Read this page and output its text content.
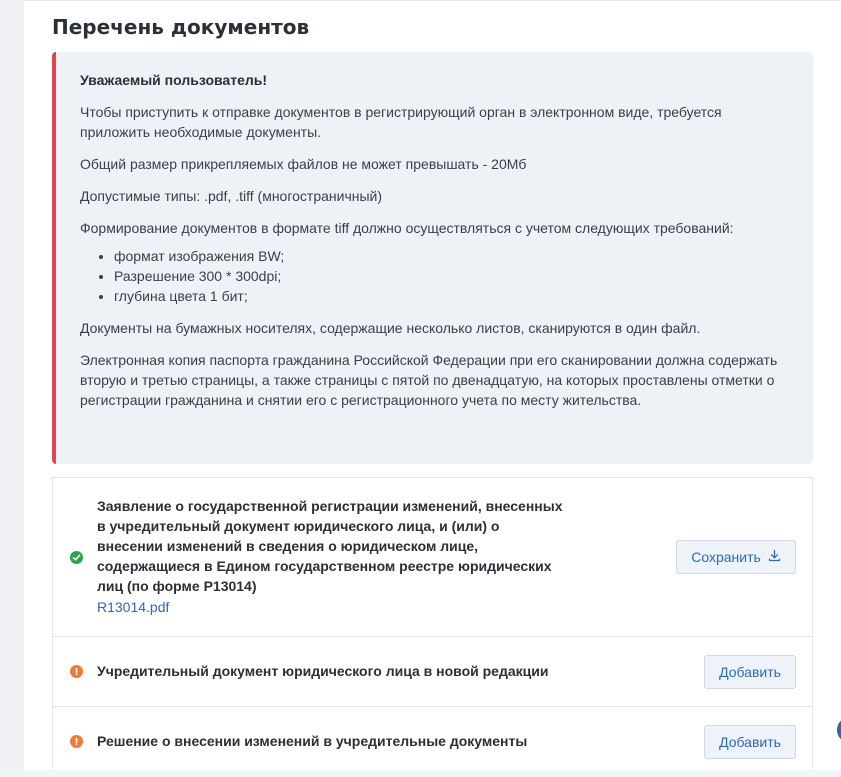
Перечень документов

Уважаемый пользователь!

Чтобы приступить к отправке документов в регистрирующий орган в электронном виде, требуется приложить необходимые документы.

Общий размер прикрепляемых файлов не может превышать - 20Мб

Допустимые типы: .pdf, .tiff (многостраничный)

Формирование документов в формате tiff должно осуществляться с учетом следующих требований:

• формат изображения BW;
• Разрешение 300 * 300dpi;
• глубина цвета 1 бит;

Документы на бумажных носителях, содержащие несколько листов, сканируются в один файл.

Электронная копия паспорта гражданина Российской Федерации при его сканировании должна содержать вторую и третью страницы, а также страницы с пятой по двенадцатую, на которых проставлены отметки о регистрации гражданина и снятии его с регистрационного учета по месту жительства.

Заявление о государственной регистрации изменений, внесенных в учредительный документ юридического лица, и (или) о внесении изменений в сведения о юридическом лице, содержащиеся в Едином государственном реестре юридических лиц (по форме Р13014)

R13014.pdf
Сохранить

Учредительный документ юридического лица в новой редакции	Добавить

Решение о внесении изменений в учредительные документы	Добавить
